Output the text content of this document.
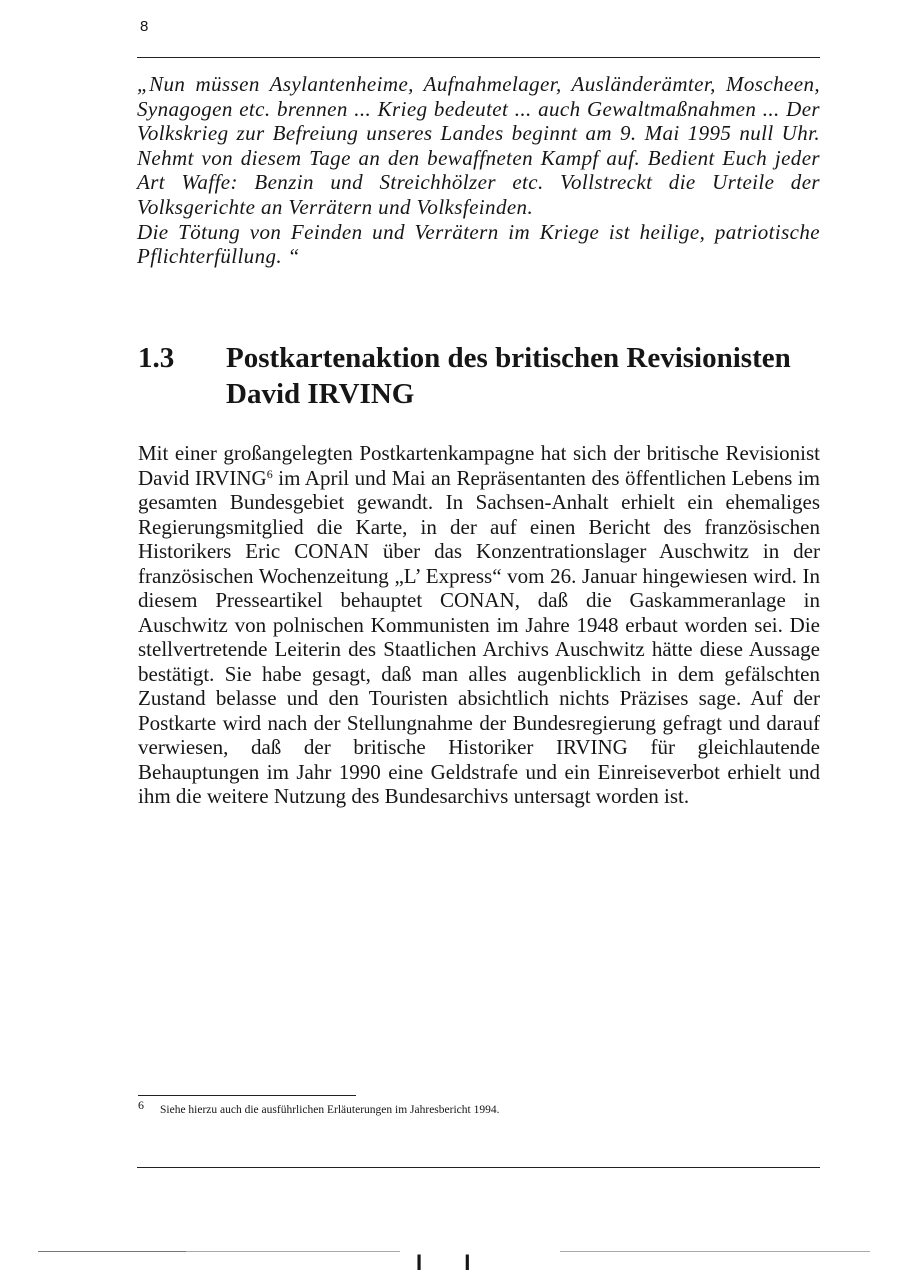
8

„Nun müssen Asylantenheime, Aufnahmelager, Ausländerämter, Moscheen, Synagogen etc. brennen ... Krieg bedeutet ... auch Gewaltmaßnahmen ... Der Volkskrieg zur Befreiung unseres Landes beginnt am 9. Mai 1995 null Uhr. Nehmt von diesem Tage an den bewaffneten Kampf auf. Bedient Euch jeder Art Waffe: Benzin und Streichhölzer etc. Vollstreckt die Urteile der Volksgerichte an Verrätern und Volksfeinden.

Die Tötung von Feinden und Verrätern im Kriege ist heilige, patriotische Pflichterfüllung. “

1.3	Postkartenaktion des britischen Revisionisten David IRVING

Mit einer großangelegten Postkartenkampagne hat sich der britische Revisionist David IRVING$^6$ im April und Mai an Repräsentanten des öffentlichen Lebens im gesamten Bundesgebiet gewandt. In Sachsen-Anhalt erhielt ein ehemaliges Regierungsmitglied die Karte, in der auf einen Bericht des französischen Historikers Eric CONAN über das Konzentrationslager Auschwitz in der französischen Wochenzeitung „L’ Express“ vom 26. Januar hingewiesen wird. In diesem Presseartikel behauptet CONAN, daß die Gaskammeranlage in Auschwitz von polnischen Kommunisten im Jahre 1948 erbaut worden sei. Die stellvertretende Leiterin des Staatlichen Archivs Auschwitz hätte diese Aussage bestätigt. Sie habe gesagt, daß man alles augenblicklich in dem gefälschten Zustand belasse und den Touristen absichtlich nichts Präzises sage. Auf der Postkarte wird nach der Stellungnahme der Bundesregierung gefragt und darauf verwiesen, daß der britische Historiker IRVING für gleichlautende Behauptungen im Jahr 1990 eine Geldstrafe und ein Einreiseverbot erhielt und ihm die weitere Nutzung des Bundesarchivs untersagt worden ist.

6	Siehe hierzu auch die ausführlichen Erläuterungen im Jahresbericht 1994.
I I
